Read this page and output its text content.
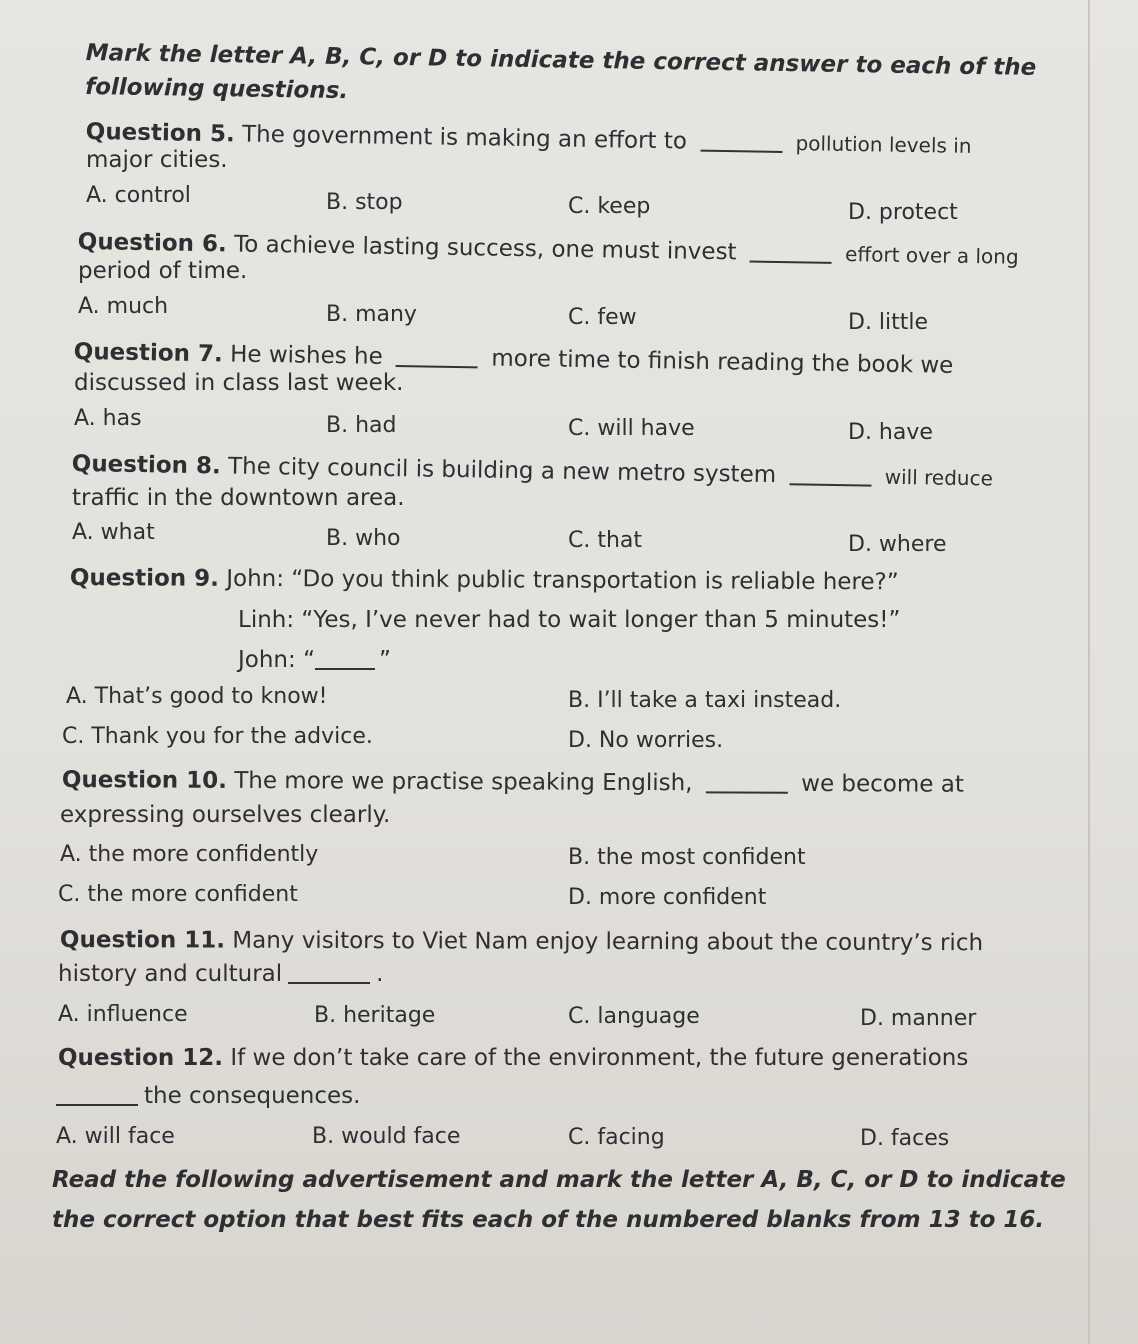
Mark the letter A, B, C, or D to indicate the correct answer to each of the
following questions.
Question 5. The government is making an effort to	pollution levels in
major cities.
A. control	B. stop	C. keep	D. protect
Question 6. To achieve lasting success, one must invest	effort over a long
period of time.
A. much	B. many	C. few	D. little
Question 7. He wishes he	more time to finish reading the book we
discussed in class last week.
A. has	B. had	C. will have	D. have
Question 8. The city council is building a new metro system	will reduce
traffic in the downtown area.
A. what	B. who	C. that	D. where
Question 9. John: “Do you think public transportation is reliable here?”
Linh: “Yes, I’ve never had to wait longer than 5 minutes!”
John: “	”
A. That’s good to know!	B. I’ll take a taxi instead.
C. Thank you for the advice.	D. No worries.
Question 10. The more we practise speaking English,	we become at
expressing ourselves clearly.
A. the more confidently	B. the most confident
C. the more confident	D. more confident
Question 11. Many visitors to Viet Nam enjoy learning about the country’s rich
history and cultural	.
A. influence	B. heritage	C. language	D. manner
Question 12. If we don’t take care of the environment, the future generations
the consequences.
A. will face	B. would face	C. facing	D. faces
Read the following advertisement and mark the letter A, B, C, or D to indicate
the correct option that best fits each of the numbered blanks from 13 to 16.
